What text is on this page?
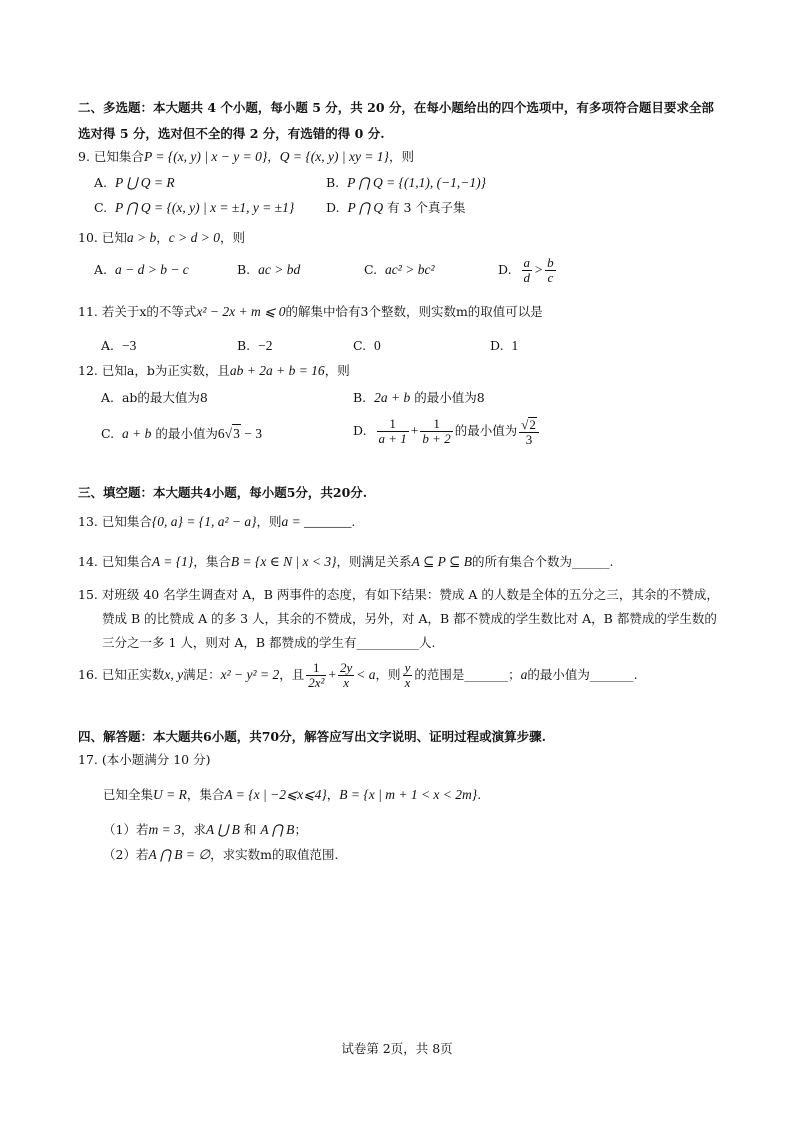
二、多选题：本大题共 4 个小题，每小题 5 分，共 20 分，在每小题给出的四个选项中，有多项符合题目要求全部
选对得 5 分，选对但不全的得 2 分，有选错的得 0 分.
9. 已知集合P = {(x, y) | x − y = 0}，Q = {(x, y) | xy = 1}，则
A. P ⋃ Q = R	B. P ⋂ Q = {(1,1), (−1,−1)}
C. P ⋂ Q = {(x, y) | x = ±1, y = ±1}	D. P ⋂ Q 有 3 个真子集
10. 已知a > b，c > d > 0，则
A. a − d > b − c	B. ac > bd	C. ac² > bc²	D. $\frac{a}{d} > \frac{b}{c}$
11. 若关于x的不等式x² − 2x + m ⩽ 0的解集中恰有3个整数，则实数m的取值可以是
A. −3	B. −2	C. 0	D. 1
12. 已知a，b为正实数，且ab + 2a + b = 16，则
A. ab的最大值为8	B. 2a + b 的最小值为8
C. a + b 的最小值为6√3 − 3	D. $\frac{1}{a + 1} + \frac{1}{b + 2}$ 的最小值为 $\frac{√2}{3}$
三、填空题：本大题共4小题，每小题5分，共20分.
13. 已知集合{0, a} = {1, a² − a}，则a = _______.
14. 已知集合A = {1}，集合B = {x ∈ N | x < 3}，则满足关系A ⊆ P ⊆ B的所有集合个数为______.
15. 对班级 40 名学生调查对 A，B 两事件的态度，有如下结果：赞成 A 的人数是全体的五分之三，其余的不赞成，
赞成 B 的比赞成 A 的多 3 人，其余的不赞成，另外，对 A，B 都不赞成的学生数比对 A，B 都赞成的学生数的
三分之一多 1 人，则对 A，B 都赞成的学生有__________人.
16. 已知正实数x, y满足：x² − y² = 2，且 $\frac{1}{\text{2x²}} + \frac{2y}{x} < a$，则 $\frac{y}{x}$ 的范围是_______；a的最小值为_______.
四、解答题：本大题共6小题，共70分，解答应写出文字说明、证明过程或演算步骤.
17. (本小题满分 10 分)
已知全集U = R，集合A = {x | −2⩽x⩽4}，B = {x | m + 1 < x < 2m}.
（1）若m = 3，求A ⋃ B 和 A ⋂ B；
（2）若A ⋂ B = ∅，求实数m的取值范围.
试卷第 2页，共 8页
